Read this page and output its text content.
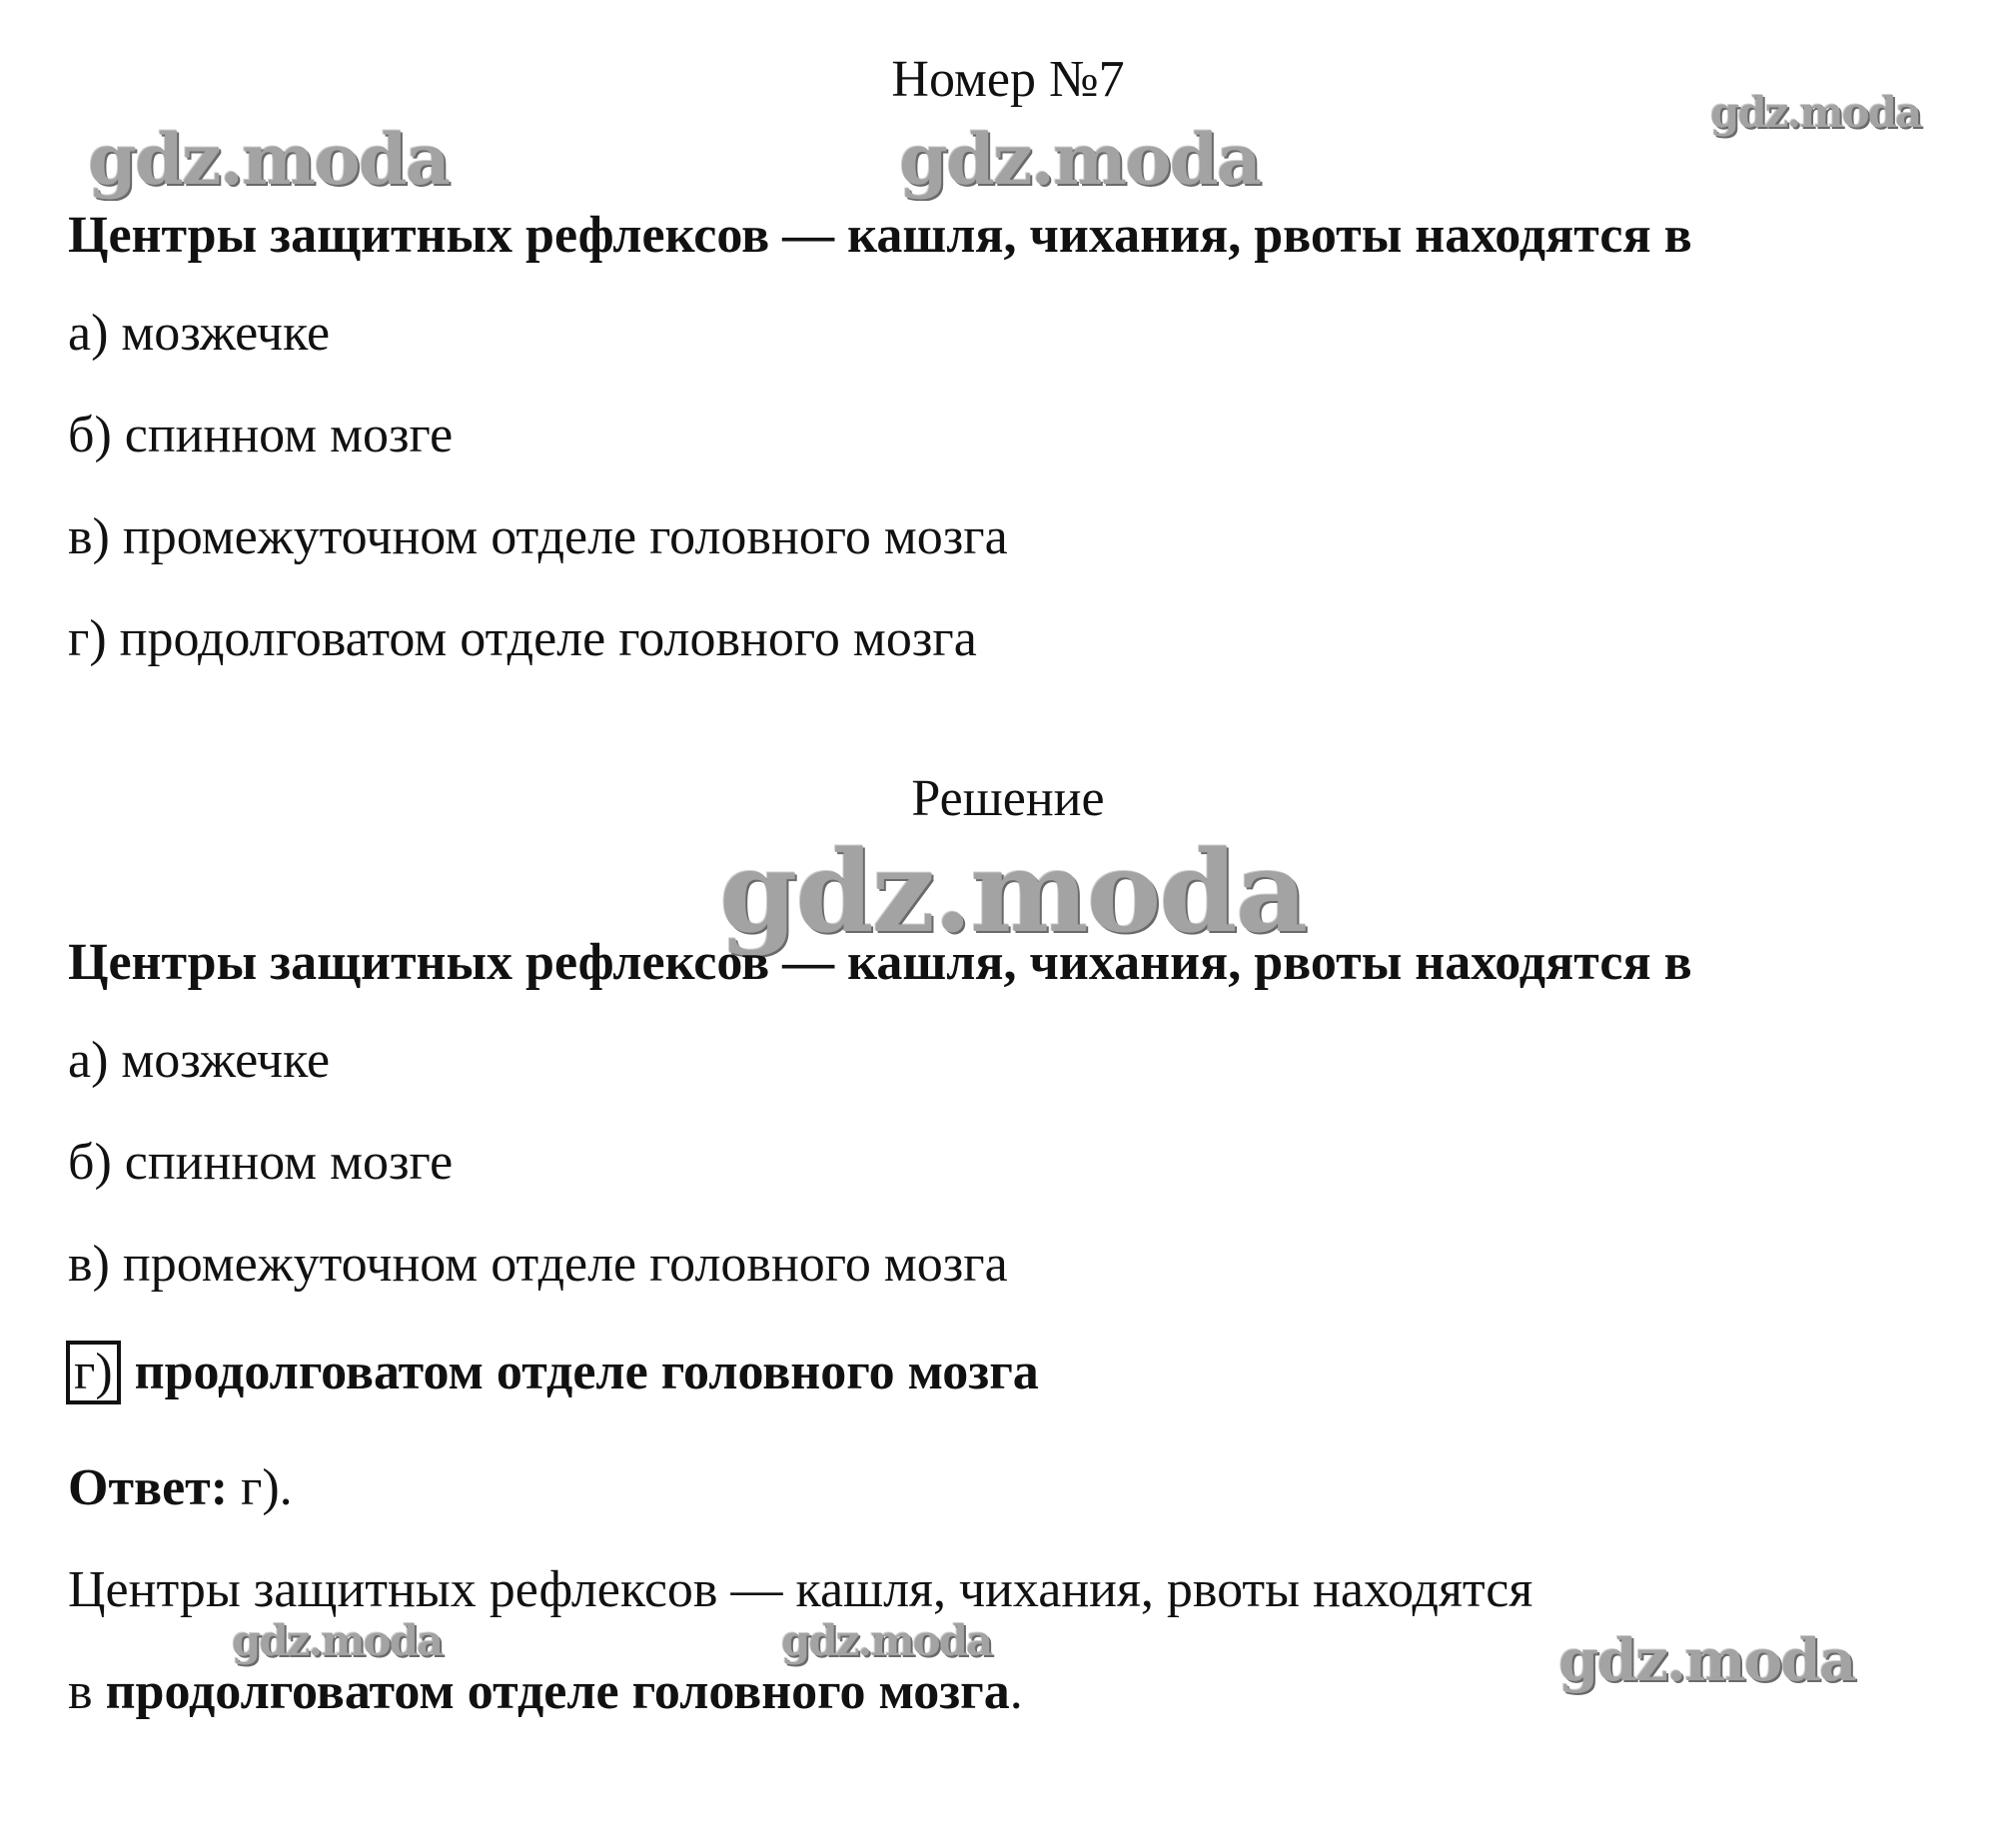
gdz.moda	gdz.moda
gdz.moda
gdz.moda
gdz.moda	gdz.moda	gdz.moda
Номер №7
Центры защитных рефлексов — кашля, чихания, рвоты находятся в
а) мозжечке
б) спинном мозге
в) промежуточном отделе головного мозга
г) продолговатом отделе головного мозга
Решение
Центры защитных рефлексов — кашля, чихания, рвоты находятся в
а) мозжечке
б) спинном мозге
в) промежуточном отделе головного мозга
г) продолговатом отделе головного мозга
Ответ: г).
Центры защитных рефлексов — кашля, чихания, рвоты находятся
в продолговатом отделе головного мозга.
